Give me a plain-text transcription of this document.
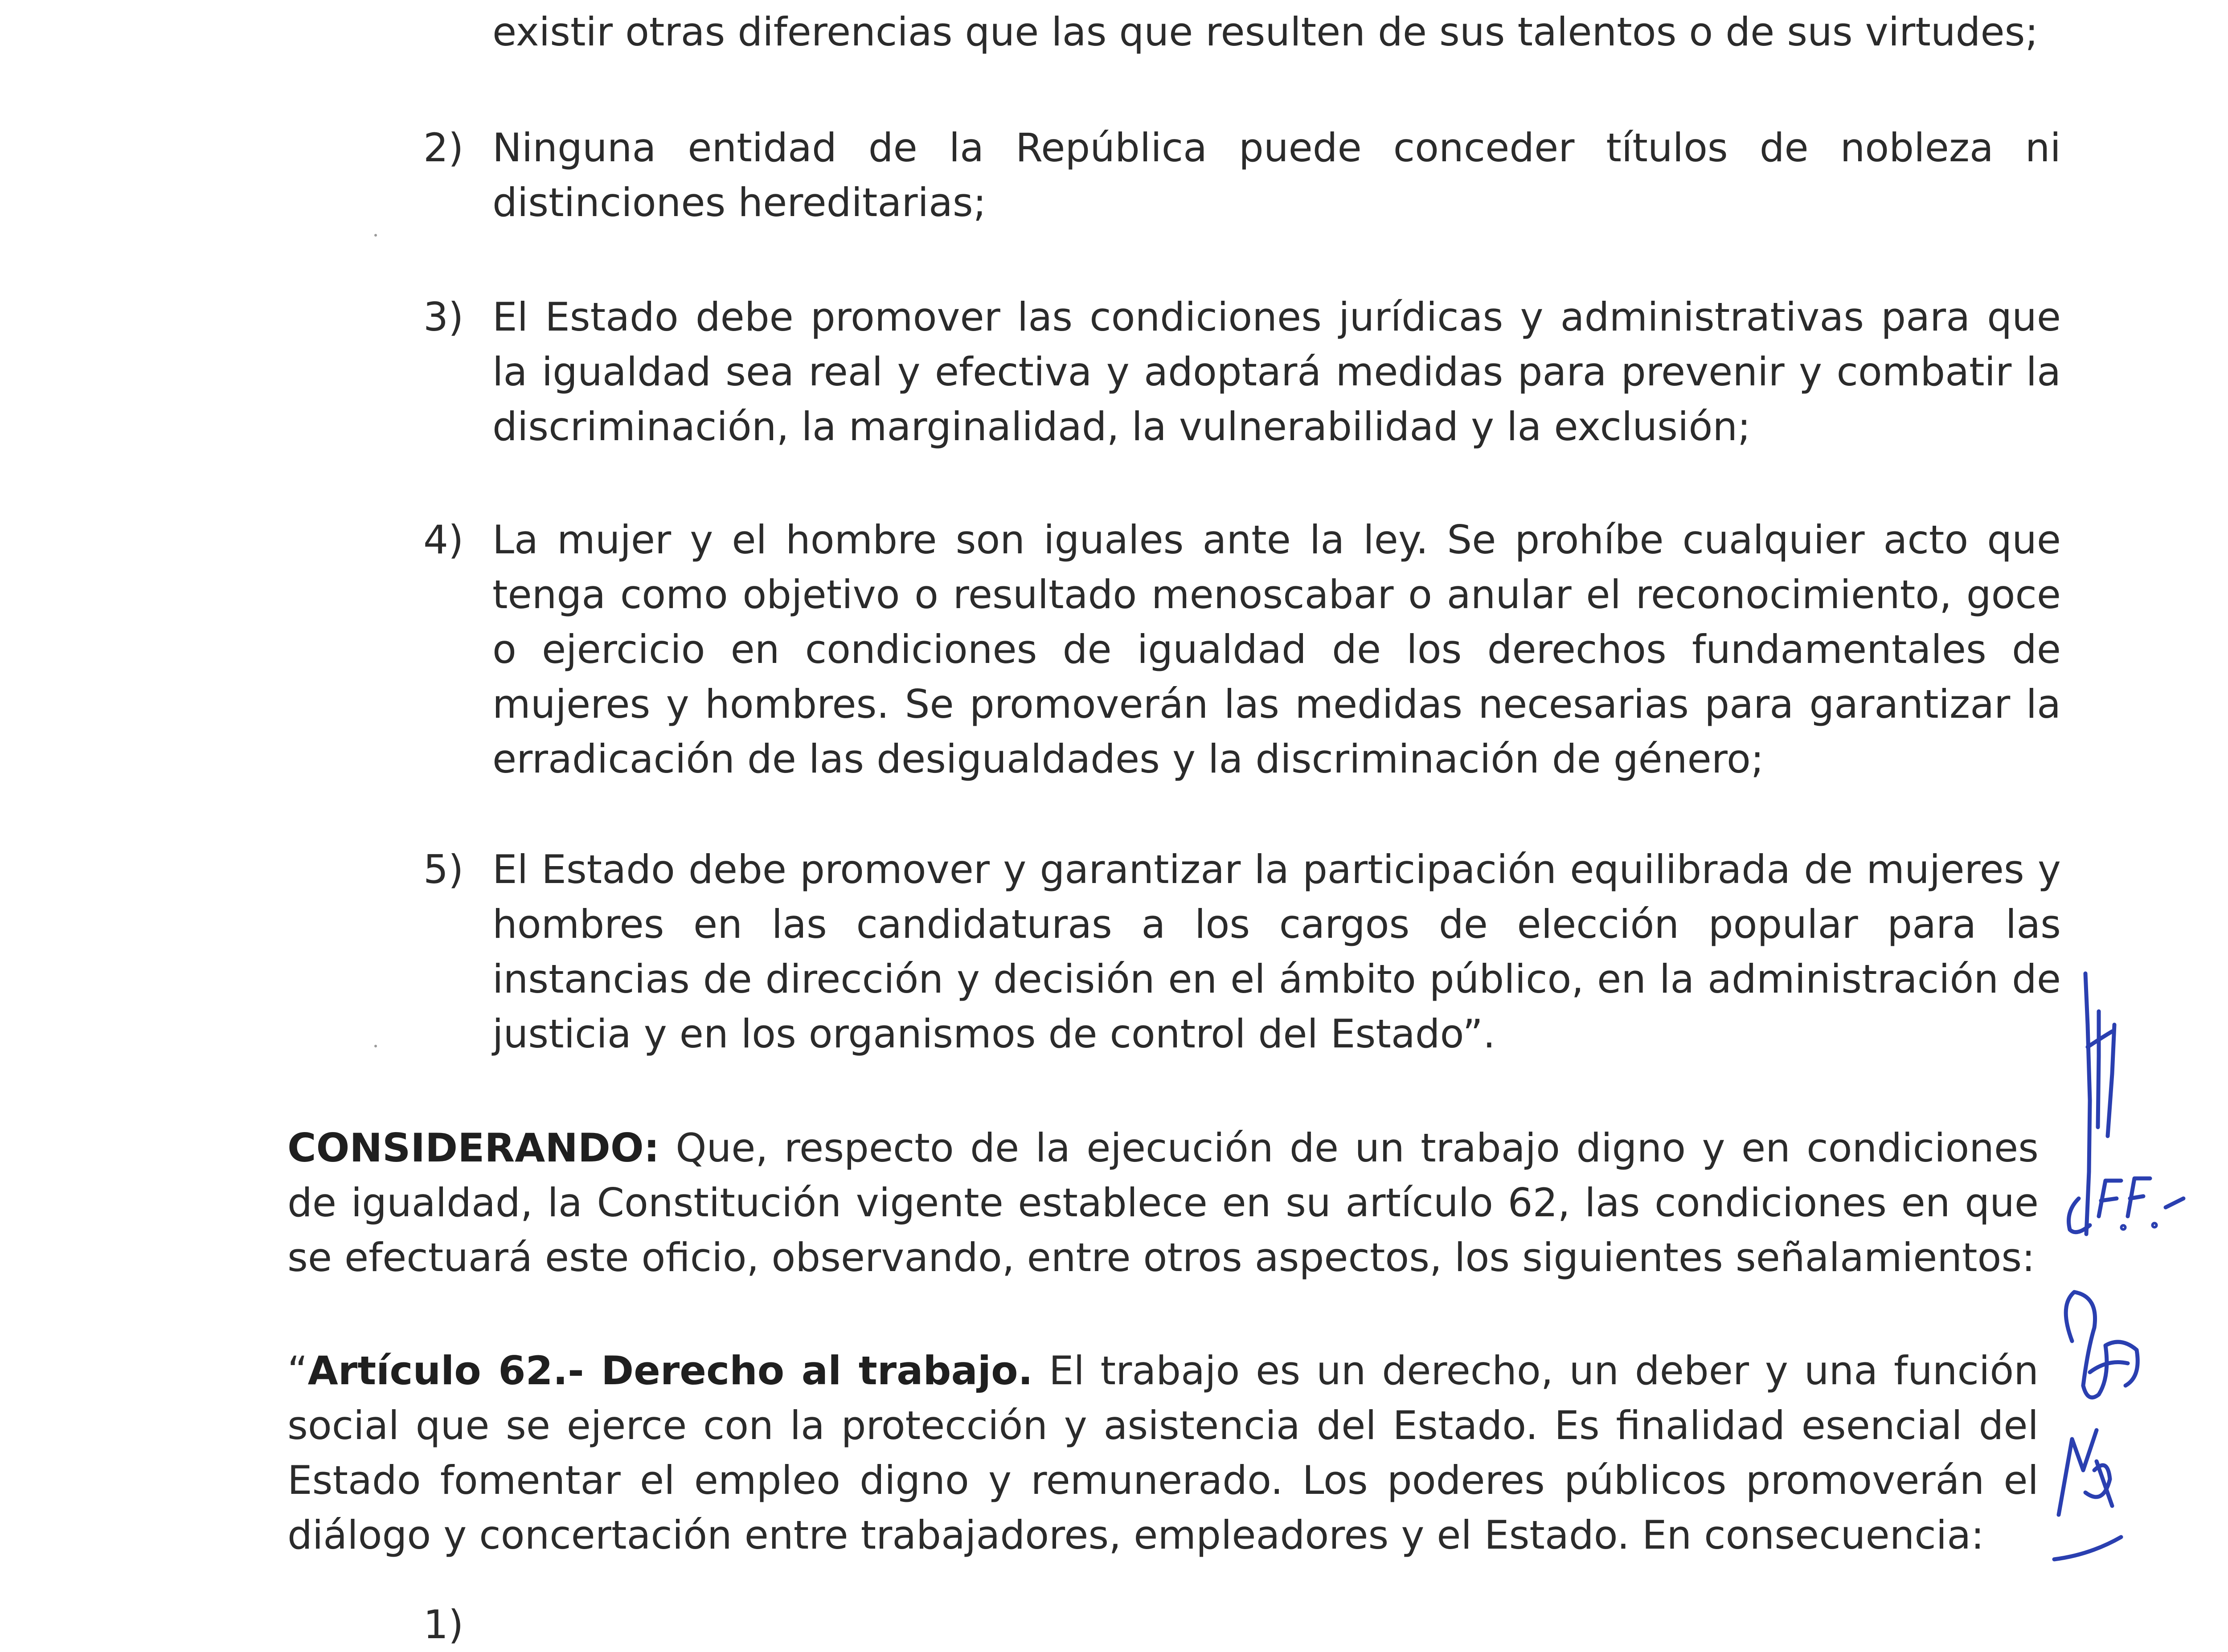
existir otras diferencias que las que resulten de sus talentos o de sus virtudes;
2) Ninguna entidad de la República puede conceder títulos de nobleza ni distinciones hereditarias;
3) El Estado debe promover las condiciones jurídicas y administrativas para que la igualdad sea real y efectiva y adoptará medidas para prevenir y combatir la discriminación, la marginalidad, la vulnerabilidad y la exclusión;
4) La mujer y el hombre son iguales ante la ley. Se prohíbe cualquier acto que tenga como objetivo o resultado menoscabar o anular el reconocimiento, goce o ejercicio en condiciones de igualdad de los derechos fundamentales de mujeres y hombres. Se promoverán las medidas necesarias para garantizar la erradicación de las desigualdades y la discriminación de género;
5) El Estado debe promover y garantizar la participación equilibrada de mujeres y hombres en las candidaturas a los cargos de elección popular para las instancias de dirección y decisión en el ámbito público, en la administración de justicia y en los organismos de control del Estado”.
CONSIDERANDO: Que, respecto de la ejecución de un trabajo digno y en condiciones de igualdad, la Constitución vigente establece en su artículo 62, las condiciones en que se efectuará este oficio, observando, entre otros aspectos, los siguientes señalamientos:
“Artículo 62.- Derecho al trabajo. El trabajo es un derecho, un deber y una función social que se ejerce con la protección y asistencia del Estado. Es finalidad esencial del Estado fomentar el empleo digno y remunerado. Los poderes públicos promoverán el diálogo y concertación entre trabajadores, empleadores y el Estado. En consecuencia:
1)
